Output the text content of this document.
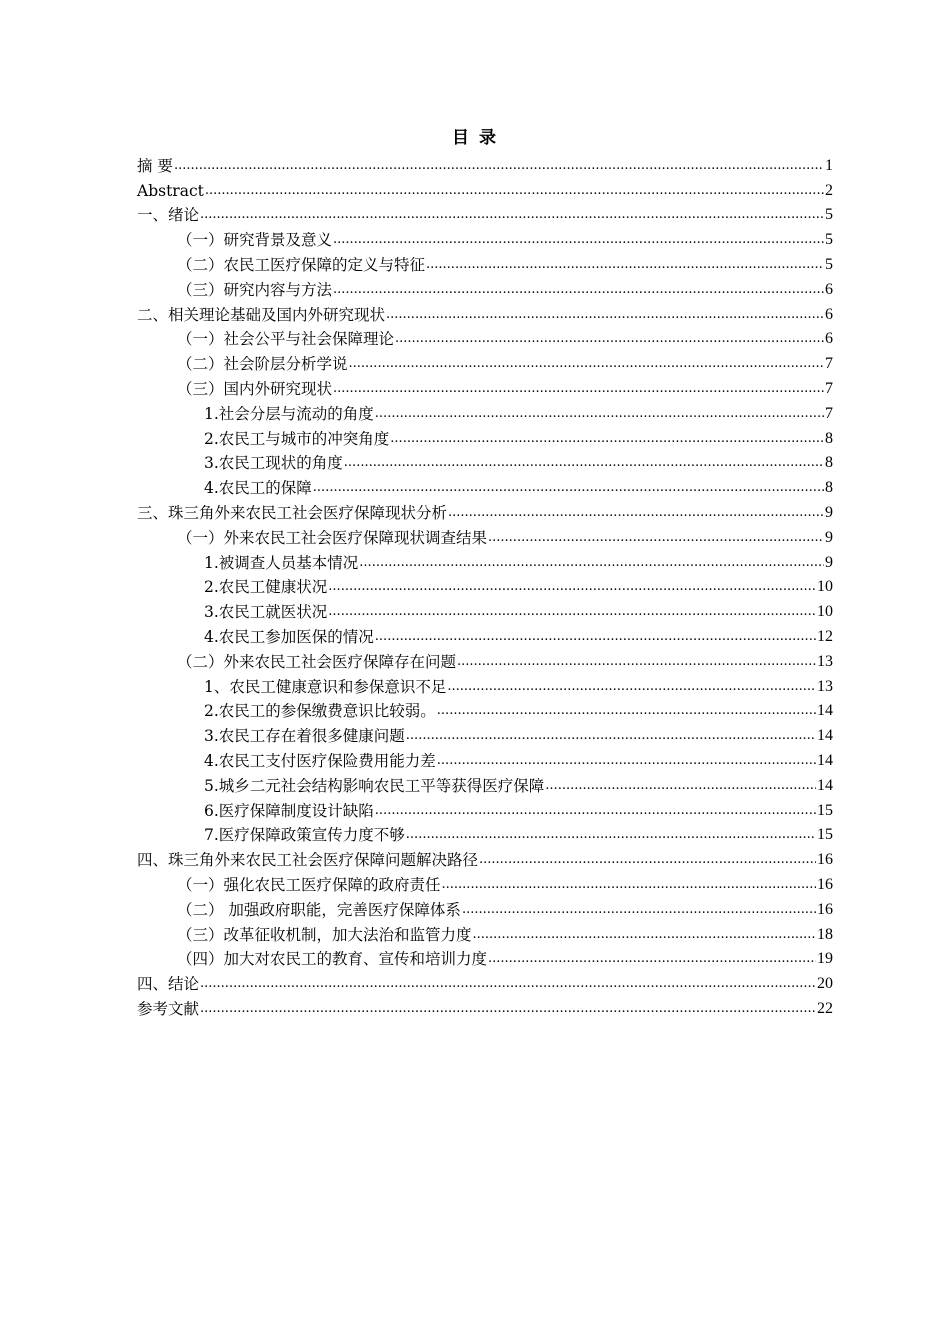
目 录
摘 要 .....	1
Abstract .....	2
一、绪论 .....	5
（一）研究背景及意义 .....	5
（二）农民工医疗保障的定义与特征 .....	5
（三）研究内容与方法 .....	6
二、相关理论基础及国内外研究现状 .....	6
（一）社会公平与社会保障理论 .....	6
（二）社会阶层分析学说 .....	7
（三）国内外研究现状 .....	7
1.社会分层与流动的角度 .....	7
2.农民工与城市的冲突角度 .....	8
3.农民工现状的角度 .....	8
4.农民工的保障 .....	8
三、珠三角外来农民工社会医疗保障现状分析 .....	9
（一）外来农民工社会医疗保障现状调查结果 .....	9
1.被调查人员基本情况 .....	9
2.农民工健康状况 .....	10
3.农民工就医状况 .....	10
4.农民工参加医保的情况 .....	12
（二）外来农民工社会医疗保障存在问题 .....	13
1、农民工健康意识和参保意识不足 .....	13
2.农民工的参保缴费意识比较弱。 .....	14
3.农民工存在着很多健康问题 .....	14
4.农民工支付医疗保险费用能力差 .....	14
5.城乡二元社会结构影响农民工平等获得医疗保障 .....	14
6.医疗保障制度设计缺陷 .....	15
7.医疗保障政策宣传力度不够 .....	15
四、珠三角外来农民工社会医疗保障问题解决路径 .....	16
（一）强化农民工医疗保障的政府责任 .....	16
（二） 加强政府职能，完善医疗保障体系 .....	16
（三）改革征收机制，加大法治和监管力度 .....	18
（四）加大对农民工的教育、宣传和培训力度 .....	19
四、结论 .....	20
参考文献 .....	22
